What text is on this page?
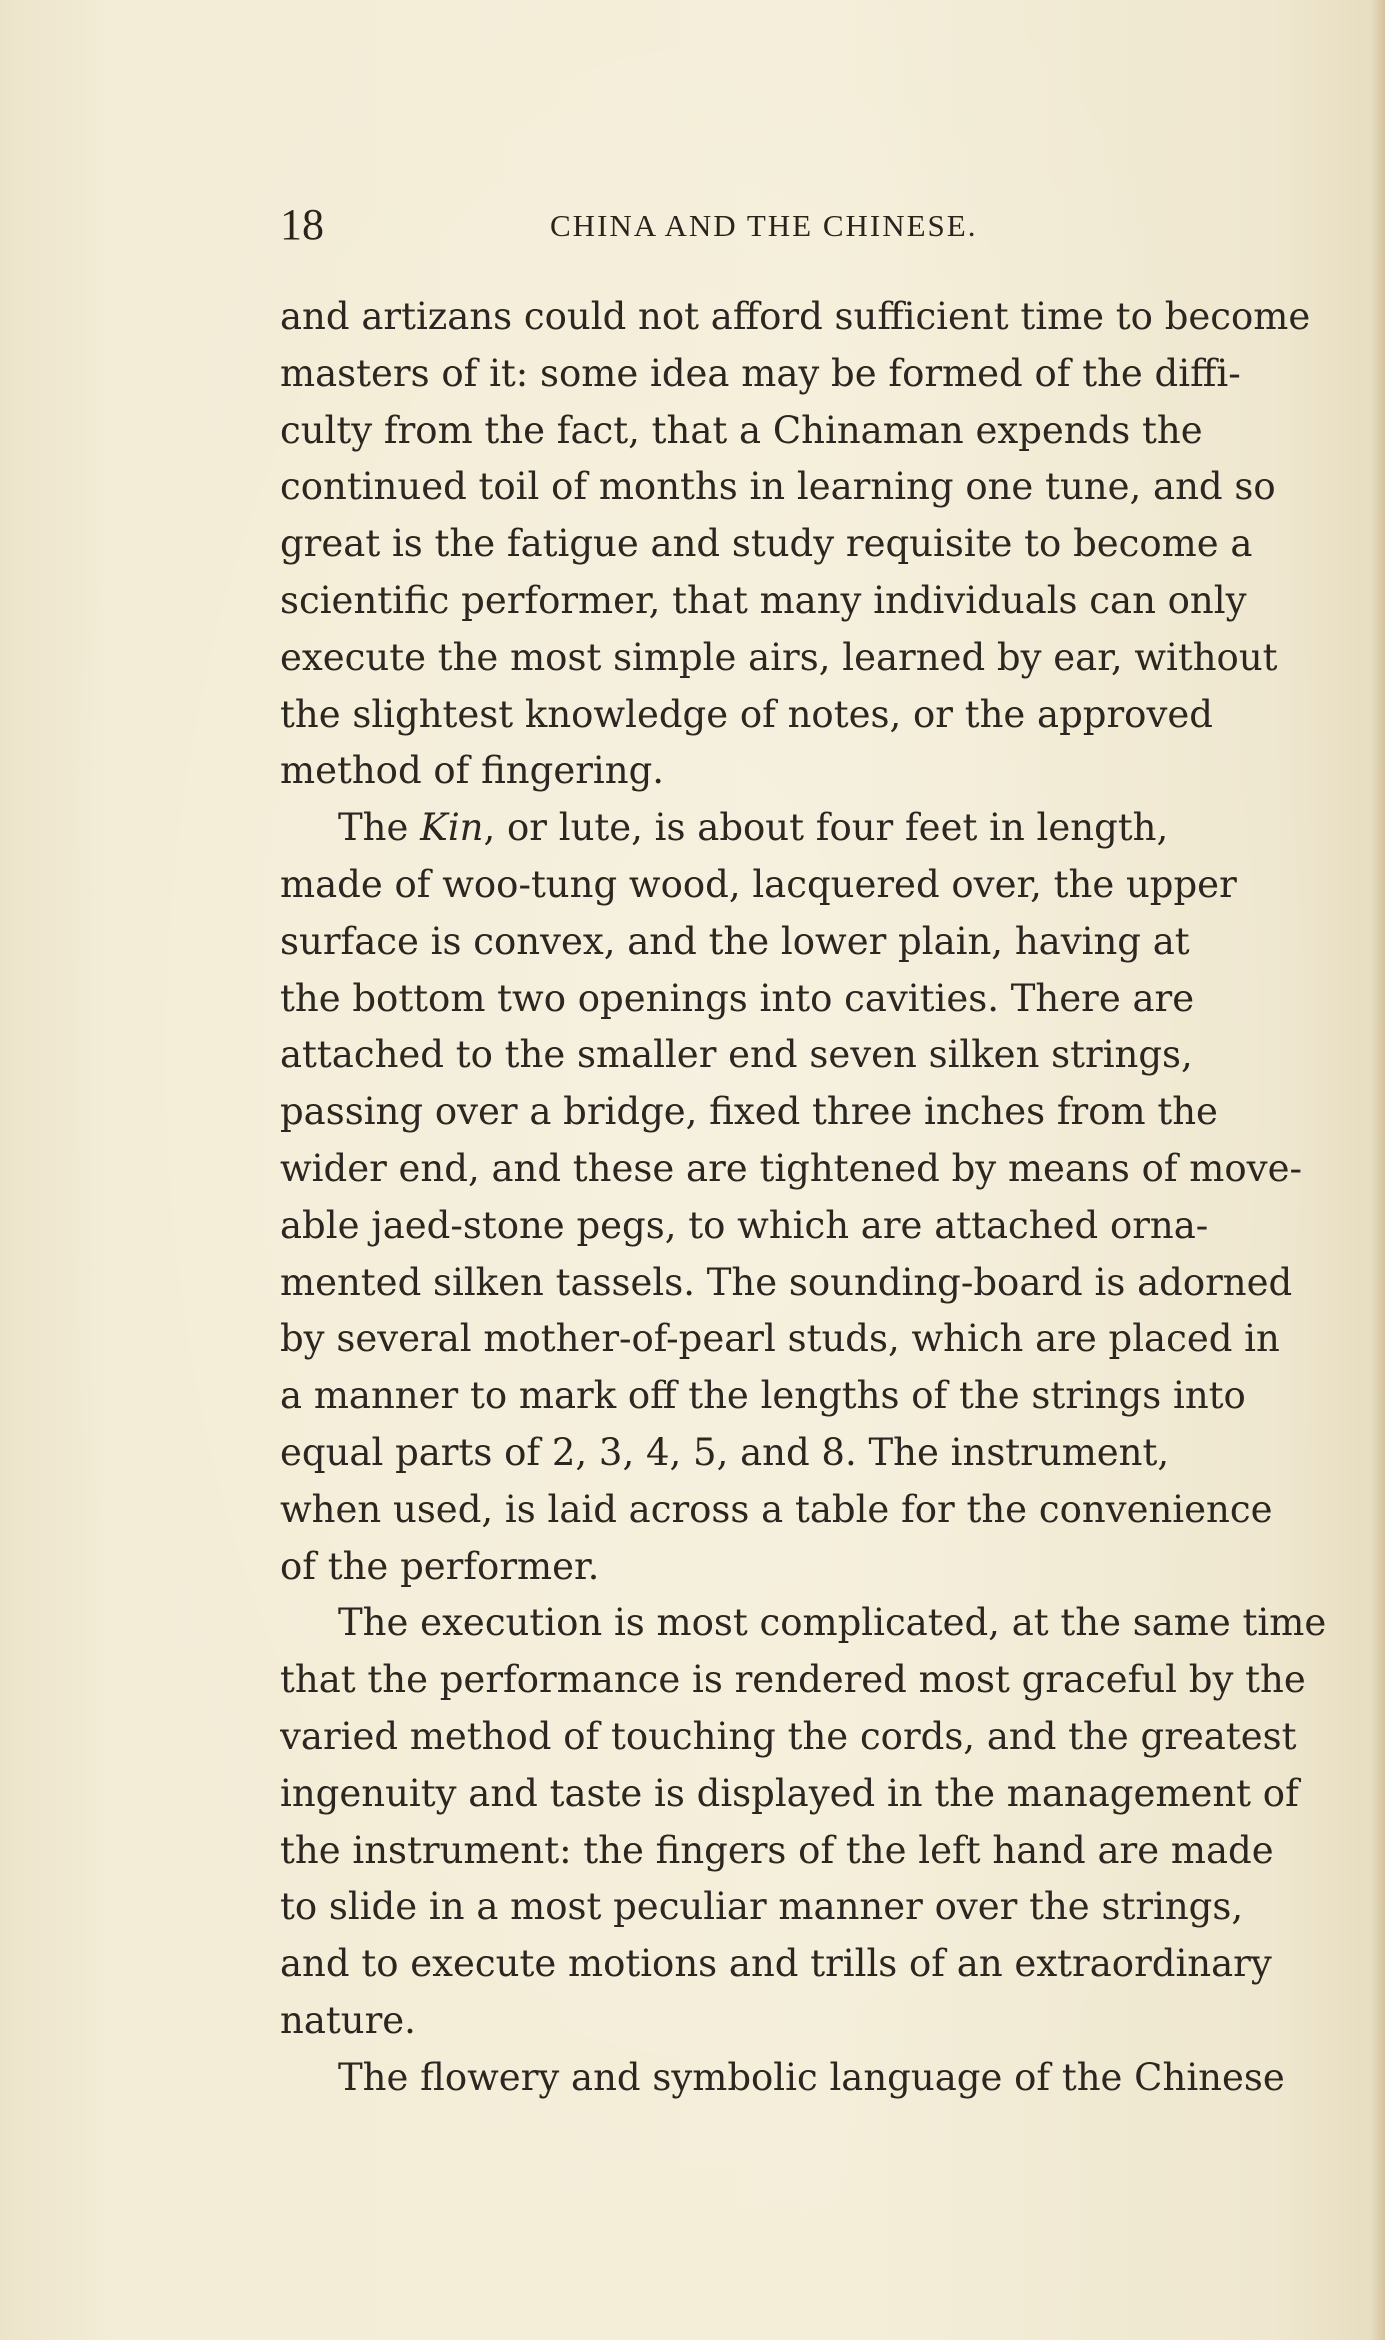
18	CHINA AND THE CHINESE.
and artizans could not afford sufficient time to become
masters of it: some idea may be formed of the diffi-
culty from the fact, that a Chinaman expends the
continued toil of months in learning one tune, and so
great is the fatigue and study requisite to become a
scientific performer, that many individuals can only
execute the most simple airs, learned by ear, without
the slightest knowledge of notes, or the approved
method of fingering.
The Kin, or lute, is about four feet in length,
made of woo-tung wood, lacquered over, the upper
surface is convex, and the lower plain, having at
the bottom two openings into cavities. There are
attached to the smaller end seven silken strings,
passing over a bridge, fixed three inches from the
wider end, and these are tightened by means of move-
able jaed-stone pegs, to which are attached orna-
mented silken tassels. The sounding-board is adorned
by several mother-of-pearl studs, which are placed in
a manner to mark off the lengths of the strings into
equal parts of 2, 3, 4, 5, and 8. The instrument,
when used, is laid across a table for the convenience
of the performer.
The execution is most complicated, at the same time
that the performance is rendered most graceful by the
varied method of touching the cords, and the greatest
ingenuity and taste is displayed in the management of
the instrument: the fingers of the left hand are made
to slide in a most peculiar manner over the strings,
and to execute motions and trills of an extraordinary
nature.
The flowery and symbolic language of the Chinese
